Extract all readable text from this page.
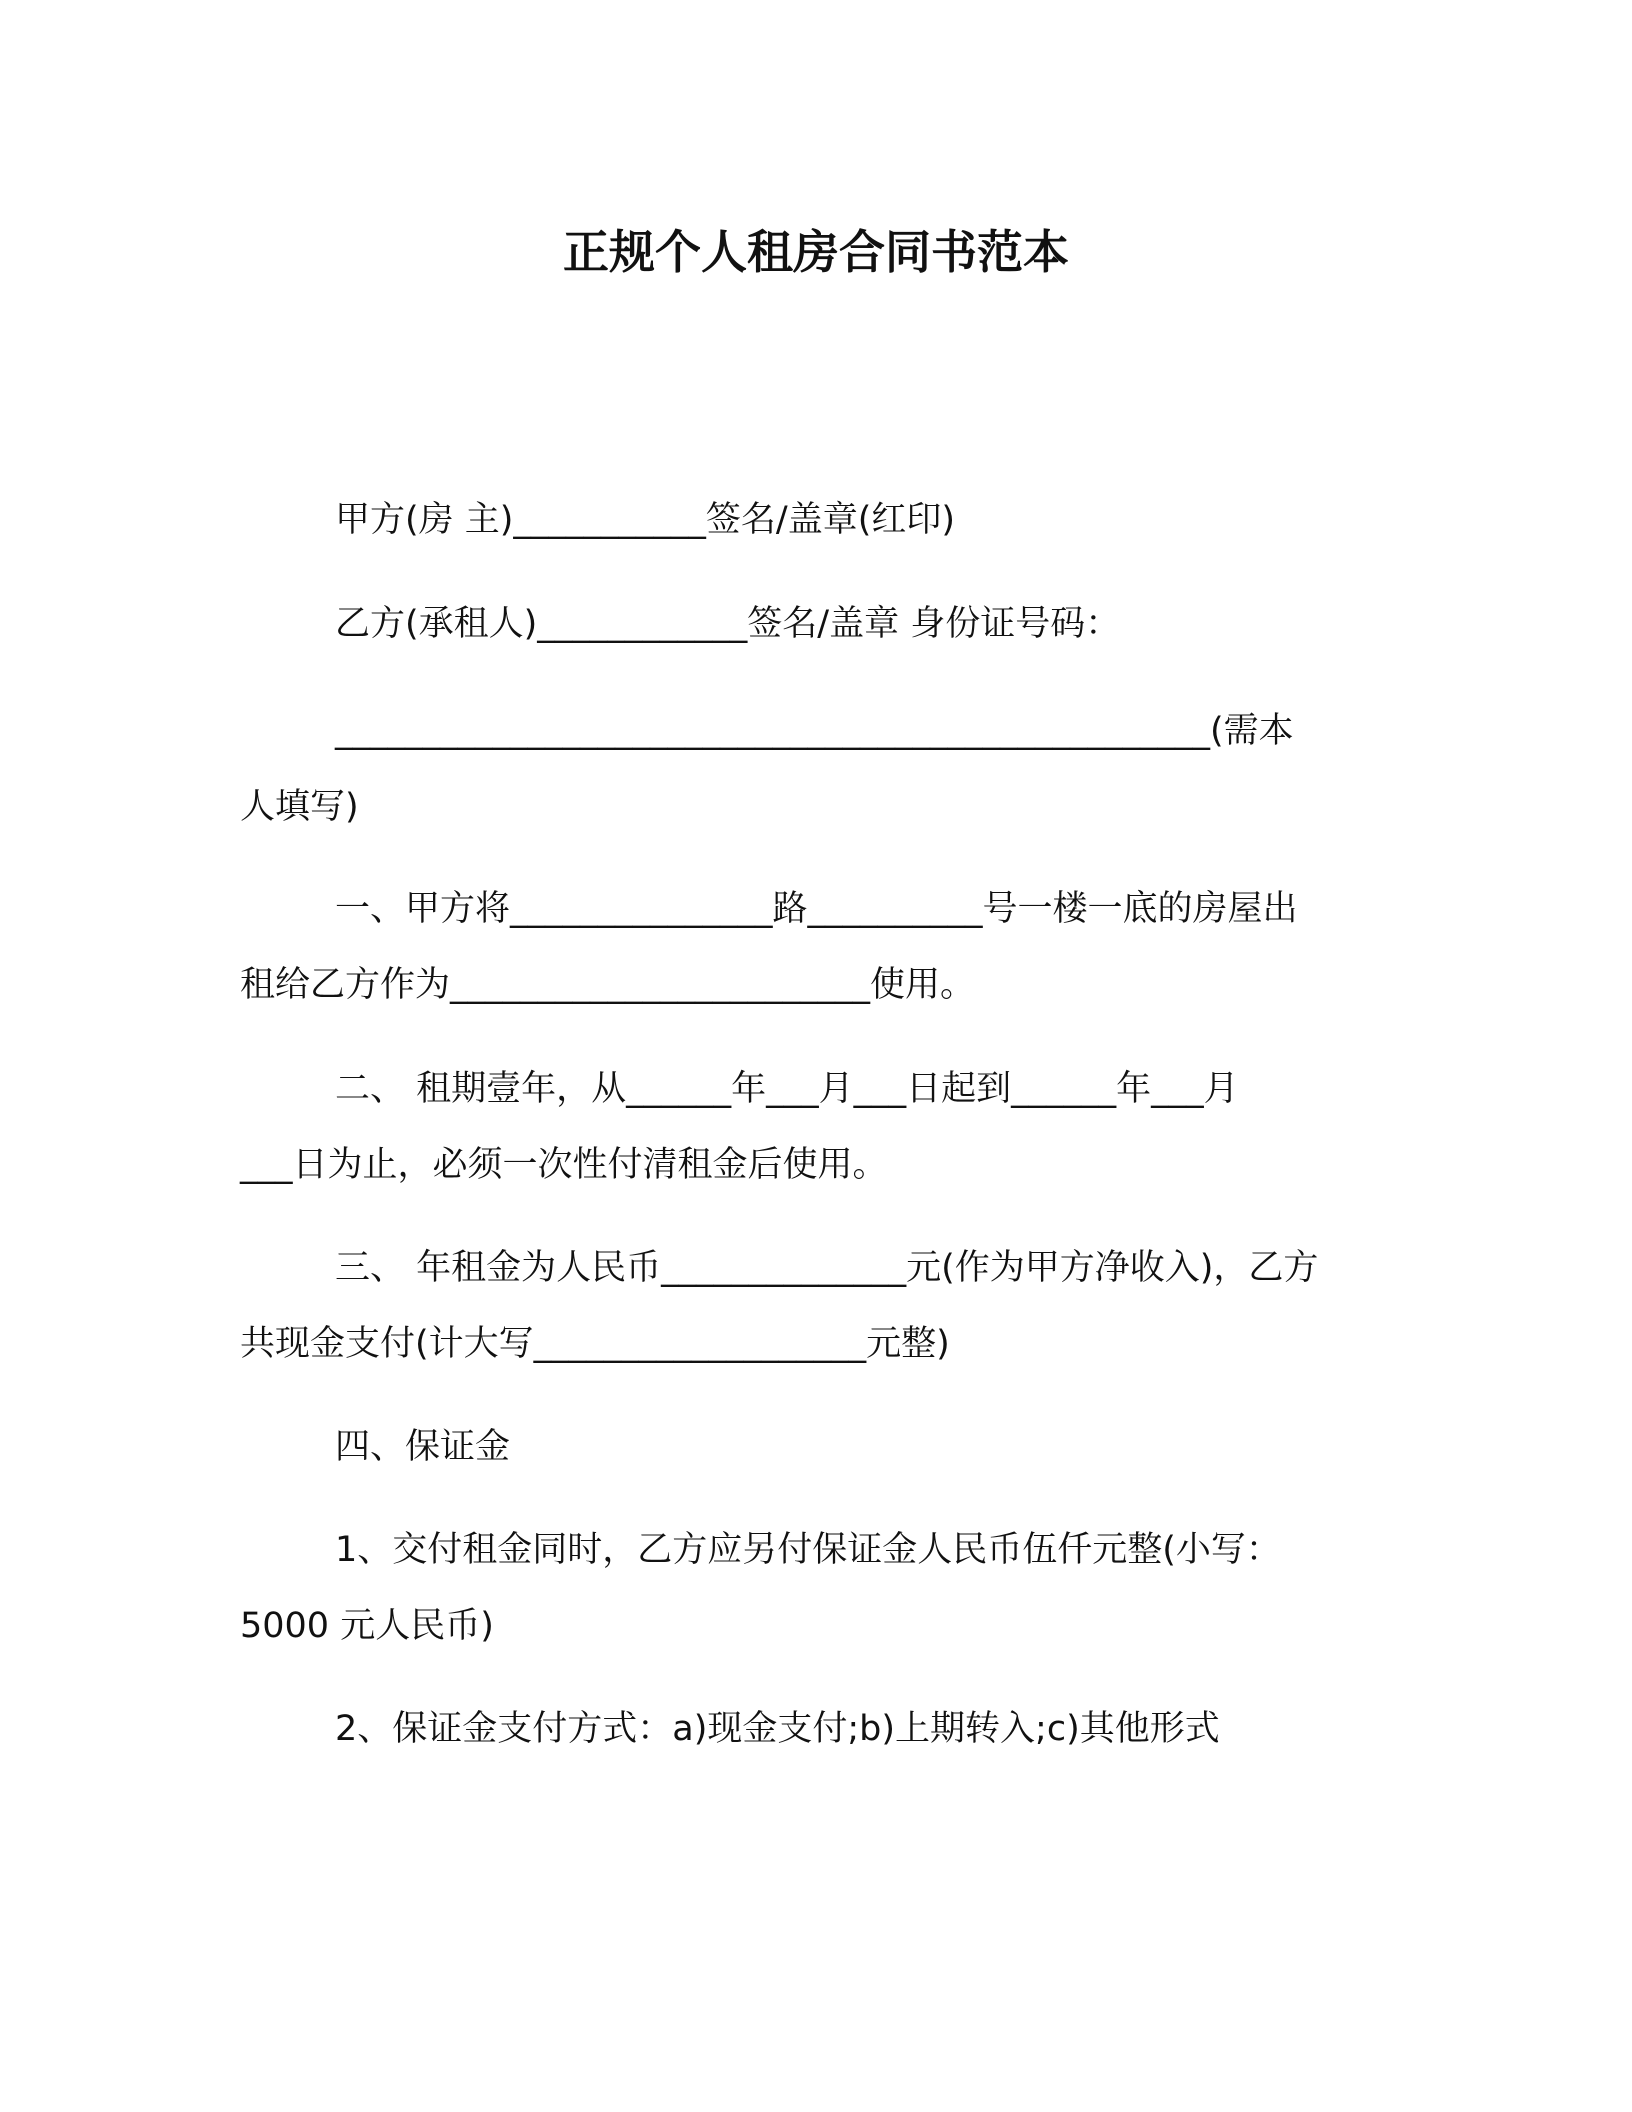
正规个人租房合同书范本
甲方(房 主)___________签名/盖章(红印)
乙方(承租人)____________签名/盖章 身份证号码：
__________________________________________________(需本
人填写)
一、甲方将_______________路__________号一楼一底的房屋出
租给乙方作为________________________使用。
二、 租期壹年，从______年___月___日起到______年___月
___日为止，必须一次性付清租金后使用。
三、 年租金为人民币______________元(作为甲方净收入)，乙方
共现金支付(计大写___________________元整)
四、保证金
1、交付租金同时，乙方应另付保证金人民币伍仟元整(小写：
5000 元人民币)
2、保证金支付方式：a)现金支付;b)上期转入;c)其他形式
